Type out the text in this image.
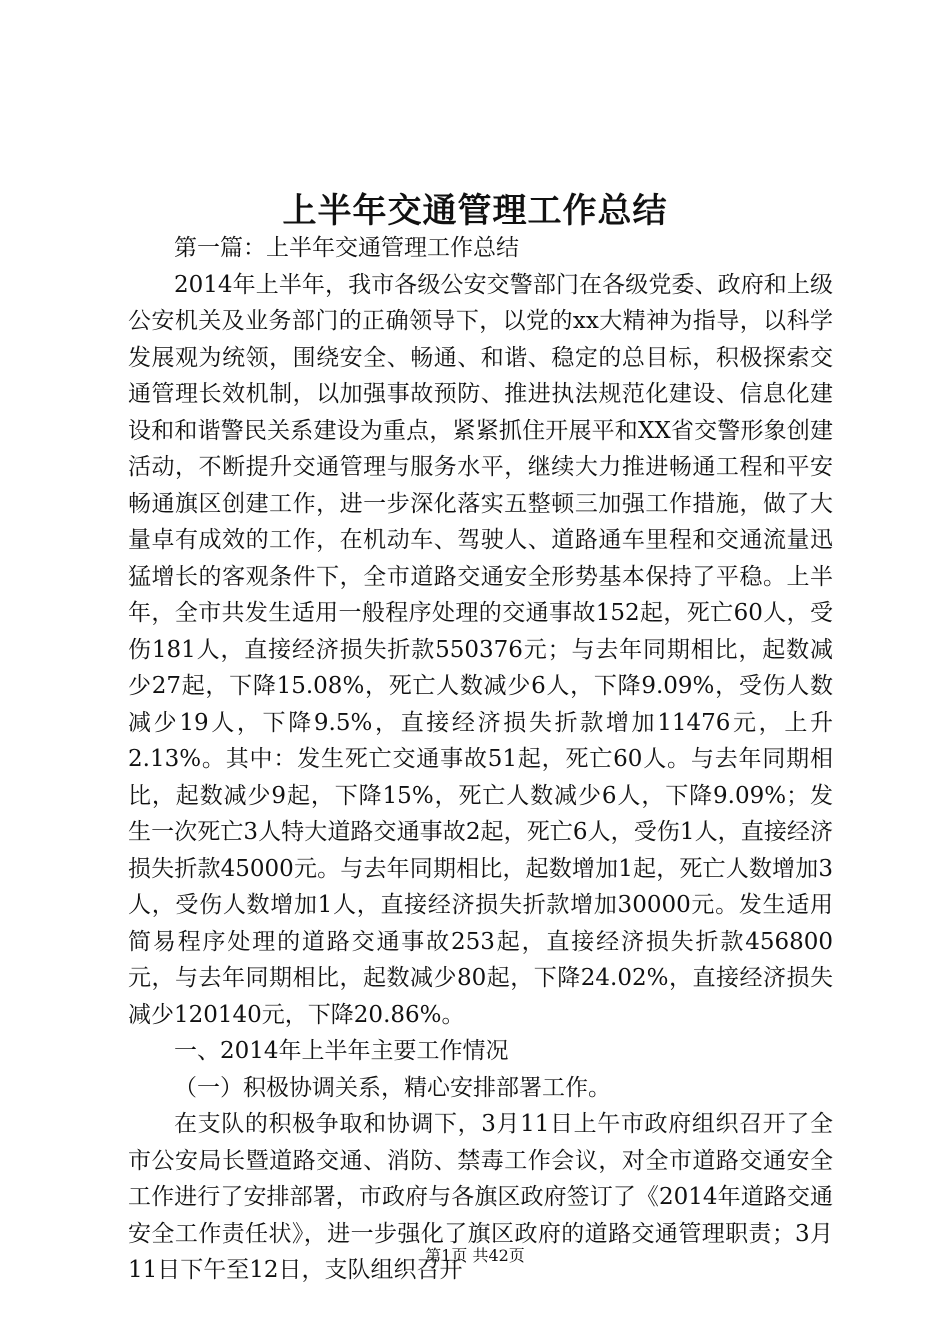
上半年交通管理工作总结

第一篇：上半年交通管理工作总结

2014年上半年，我市各级公安交警部门在各级党委、政府和上级公安机关及业务部门的正确领导下，以党的xx大精神为指导，以科学发展观为统领，围绕安全、畅通、和谐、稳定的总目标，积极探索交通管理长效机制，以加强事故预防、推进执法规范化建设、信息化建设和和谐警民关系建设为重点，紧紧抓住开展平和XX省交警形象创建活动，不断提升交通管理与服务水平，继续大力推进畅通工程和平安畅通旗区创建工作，进一步深化落实五整顿三加强工作措施，做了大量卓有成效的工作，在机动车、驾驶人、道路通车里程和交通流量迅猛增长的客观条件下，全市道路交通安全形势基本保持了平稳。上半年，全市共发生适用一般程序处理的交通事故152起，死亡60人，受伤181人，直接经济损失折款550376元；与去年同期相比，起数减少27起，下降15.08%，死亡人数减少6人，下降9.09%，受伤人数减少19人，下降9.5%，直接经济损失折款增加11476元，上升2.13%。其中：发生死亡交通事故51起，死亡60人。与去年同期相比，起数减少9起，下降15%，死亡人数减少6人，下降9.09%；发生一次死亡3人特大道路交通事故2起，死亡6人，受伤1人，直接经济损失折款45000元。与去年同期相比，起数增加1起，死亡人数增加3人，受伤人数增加1人，直接经济损失折款增加30000元。发生适用简易程序处理的道路交通事故253起，直接经济损失折款456800元，与去年同期相比，起数减少80起，下降24.02%，直接经济损失减少120140元，下降20.86%。

一、2014年上半年主要工作情况

（一）积极协调关系，精心安排部署工作。

在支队的积极争取和协调下，3月11日上午市政府组织召开了全市公安局长暨道路交通、消防、禁毒工作会议，对全市道路交通安全工作进行了安排部署，市政府与各旗区政府签订了《2014年道路交通安全工作责任状》，进一步强化了旗区政府的道路交通管理职责；3月11日下午至12日，支队组织召开

第1页 共42页
